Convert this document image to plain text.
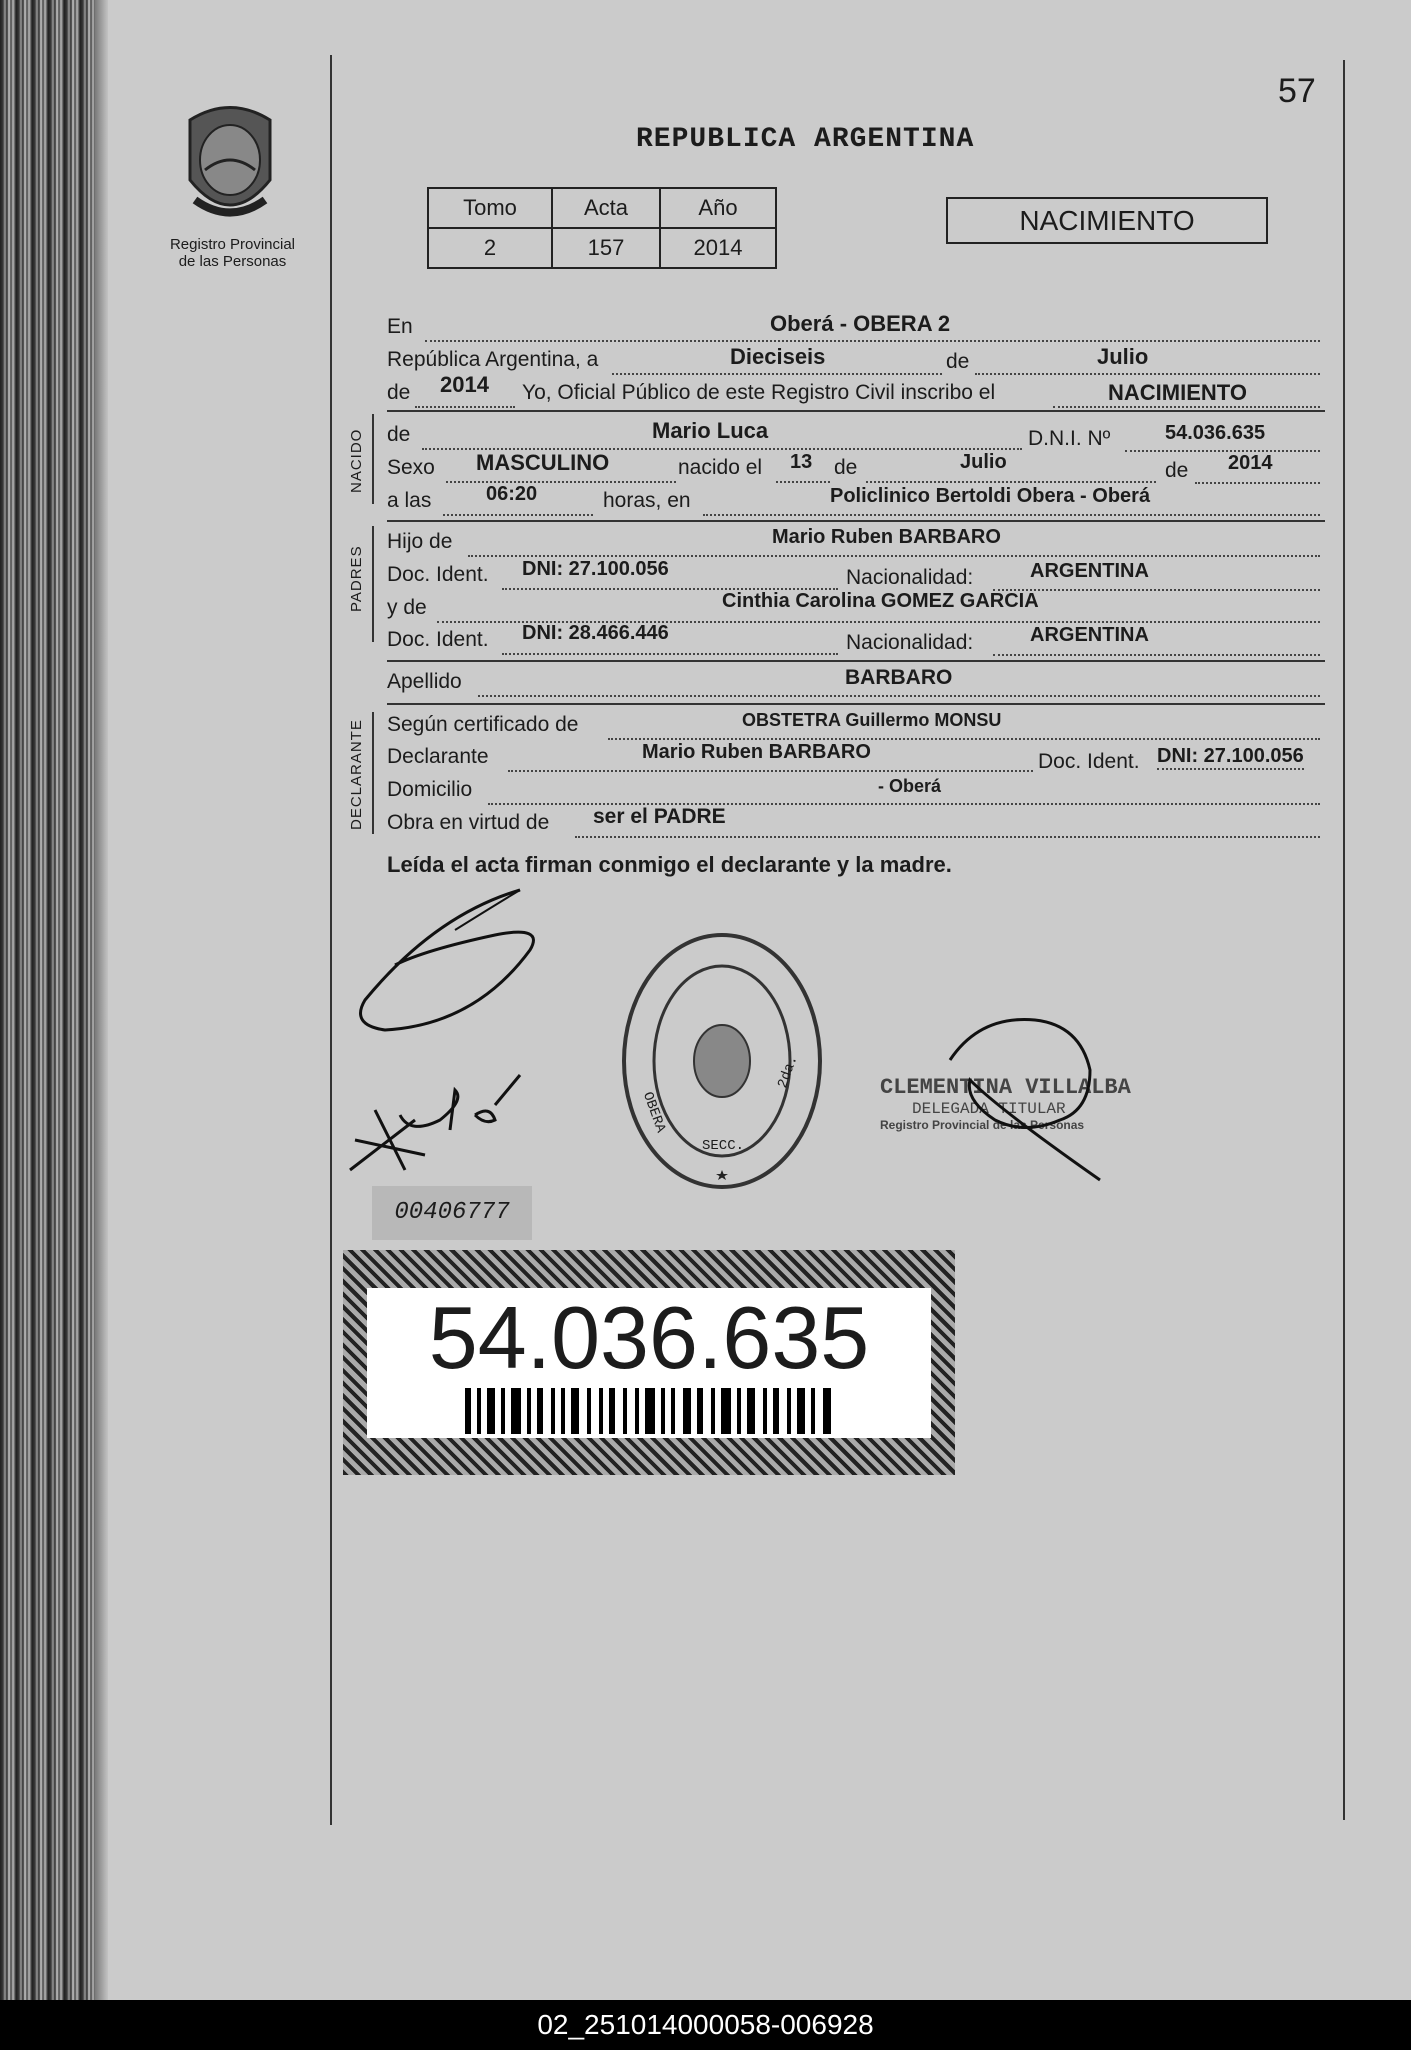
Registro Provincial
de las Personas
57
REPUBLICA ARGENTINA
Tomo	Acta	Año
2	157	2014
NACIMIENTO
En	Oberá - OBERA 2
República Argentina, a	Dieciseis	de	Julio
de 2014 Yo, Oficial Público de este Registro Civil inscribo el	NACIMIENTO
NACIDO de	Mario Luca	D.N.I. Nº	54.036.635
Sexo MASCULINO	nacido el 13 de	Julio	de 2014
a las	06:20	horas, en	Policlinico Bertoldi Obera - Oberá
PADRES
Hijo de	Mario Ruben BARBARO
Doc. Ident. DNI: 27.100.056	Nacionalidad:	ARGENTINA
y de	Cinthia Carolina GOMEZ GARCIA
Doc. Ident. DNI: 28.466.446	Nacionalidad:	ARGENTINA
Apellido	BARBARO
DECLARANTE Según certificado de	OBSTETRA Guillermo MONSU
Declarante	Mario Ruben BARBARO	Doc. Ident. DNI: 27.100.056
Domicilio	- Oberá
Obra en virtud de ser el PADRE
Leída el acta firman conmigo el declarante y la madre.
OBERA
2da.
SECC.
CLEMENTINA VILLALBA
DELEGADA TITULAR
Registro Provincial de las Personas
00406777
54.036.635
02_251014000058-006928
